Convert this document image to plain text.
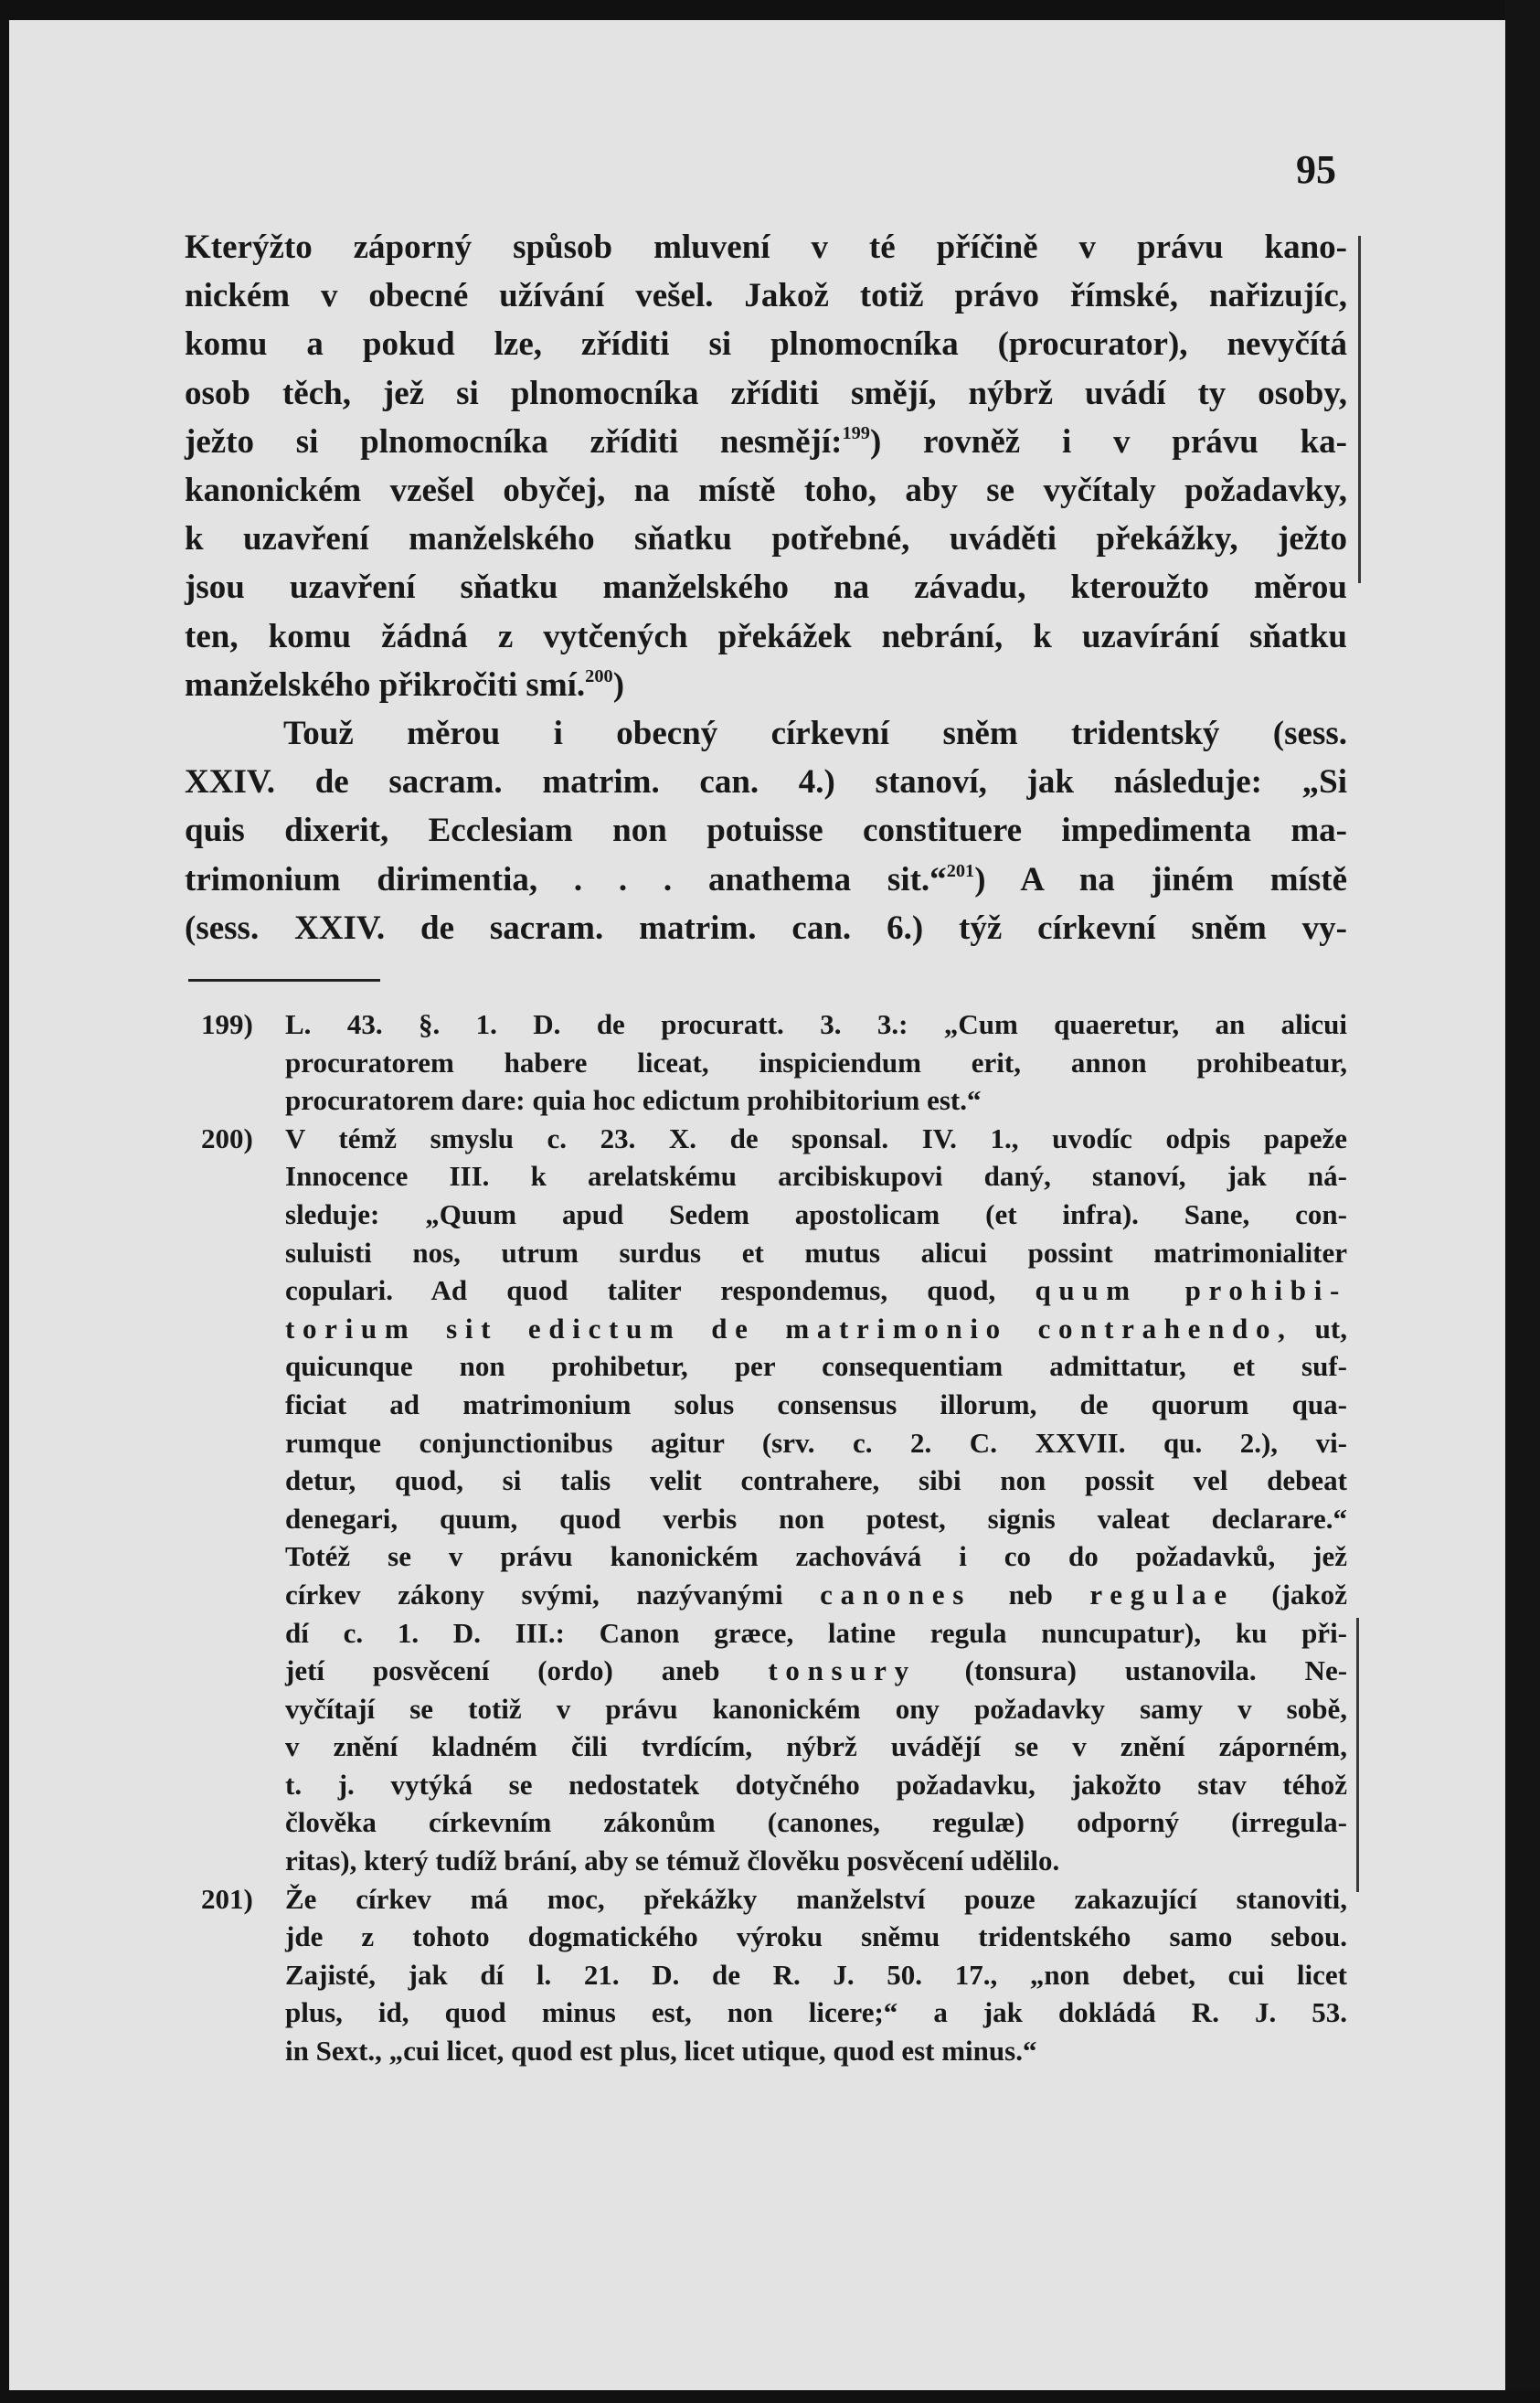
95
Kterýžto záporný spůsob mluvení v té příčině v právu kano-
nickém v obecné užívání vešel. Jakož totiž právo římské, nařizujíc,
komu a pokud lze, zříditi si plnomocníka (procurator), nevyčítá
osob těch, jež si plnomocníka zříditi smějí, nýbrž uvádí ty osoby,
ježto si plnomocníka zříditi nesmějí:$^{199}$) rovněž i v právu ka-
kanonickém vzešel obyčej, na místě toho, aby se vyčítaly požadavky,
k uzavření manželského sňatku potřebné, uváděti překážky, ježto
jsou uzavření sňatku manželského na závadu, kteroužto měrou
ten, komu žádná z vytčených překážek nebrání, k uzavírání sňatku
manželského přikročiti smí.$^{200}$)
Touž měrou i obecný církevní sněm tridentský (sess.
XXIV. de sacram. matrim. can. 4.) stanoví, jak následuje: „Si
quis dixerit, Ecclesiam non potuisse constituere impedimenta ma-
trimonium dirimentia, . . . anathema sit.“$^{201}$) A na jiném místě
(sess. XXIV. de sacram. matrim. can. 6.) týž církevní sněm vy-
199) L. 43. §. 1. D. de procuratt. 3. 3.: „Cum quaeretur, an alicui
procuratorem habere liceat, inspiciendum erit, annon prohibeatur,
procuratorem dare: quia hoc edictum prohibitorium est.“
200) V témž smyslu c. 23. X. de sponsal. IV. 1., uvodíc odpis papeže
Innocence III. k arelatskému arcibiskupovi daný, stanoví, jak ná-
sleduje: „Quum apud Sedem apostolicam (et infra). Sane, con-
suluisti nos, utrum surdus et mutus alicui possint matrimonialiter
copulari. Ad quod taliter respondemus, quod, quum prohibi-
torium sit edictum de matrimonio contrahendo, ut,
quicunque non prohibetur, per consequentiam admittatur, et suf-
ficiat ad matrimonium solus consensus illorum, de quorum qua-
rumque conjunctionibus agitur (srv. c. 2. C. XXVII. qu. 2.), vi-
detur, quod, si talis velit contrahere, sibi non possit vel debeat
denegari, quum, quod verbis non potest, signis valeat declarare.“
Totéž se v právu kanonickém zachovává i co do požadavků, jež
církev zákony svými, nazývanými canones neb regulae (jakož
dí c. 1. D. III.: Canon græce, latine regula nuncupatur), ku při-
jetí posvěcení (ordo) aneb tonsury (tonsura) ustanovila. Ne-
vyčítají se totiž v právu kanonickém ony požadavky samy v sobě,
v znění kladném čili tvrdícím, nýbrž uvádějí se v znění záporném,
t. j. vytýká se nedostatek dotyčného požadavku, jakožto stav téhož
člověka církevním zákonům (canones, regulæ) odporný (irregula-
ritas), který tudíž brání, aby se témuž člověku posvěcení udělilo.
201) Že církev má moc, překážky manželství pouze zakazující stanoviti,
jde z tohoto dogmatického výroku sněmu tridentského samo sebou.
Zajisté, jak dí l. 21. D. de R. J. 50. 17., „non debet, cui licet
plus, id, quod minus est, non licere;“ a jak dokládá R. J. 53.
in Sext., „cui licet, quod est plus, licet utique, quod est minus.“
